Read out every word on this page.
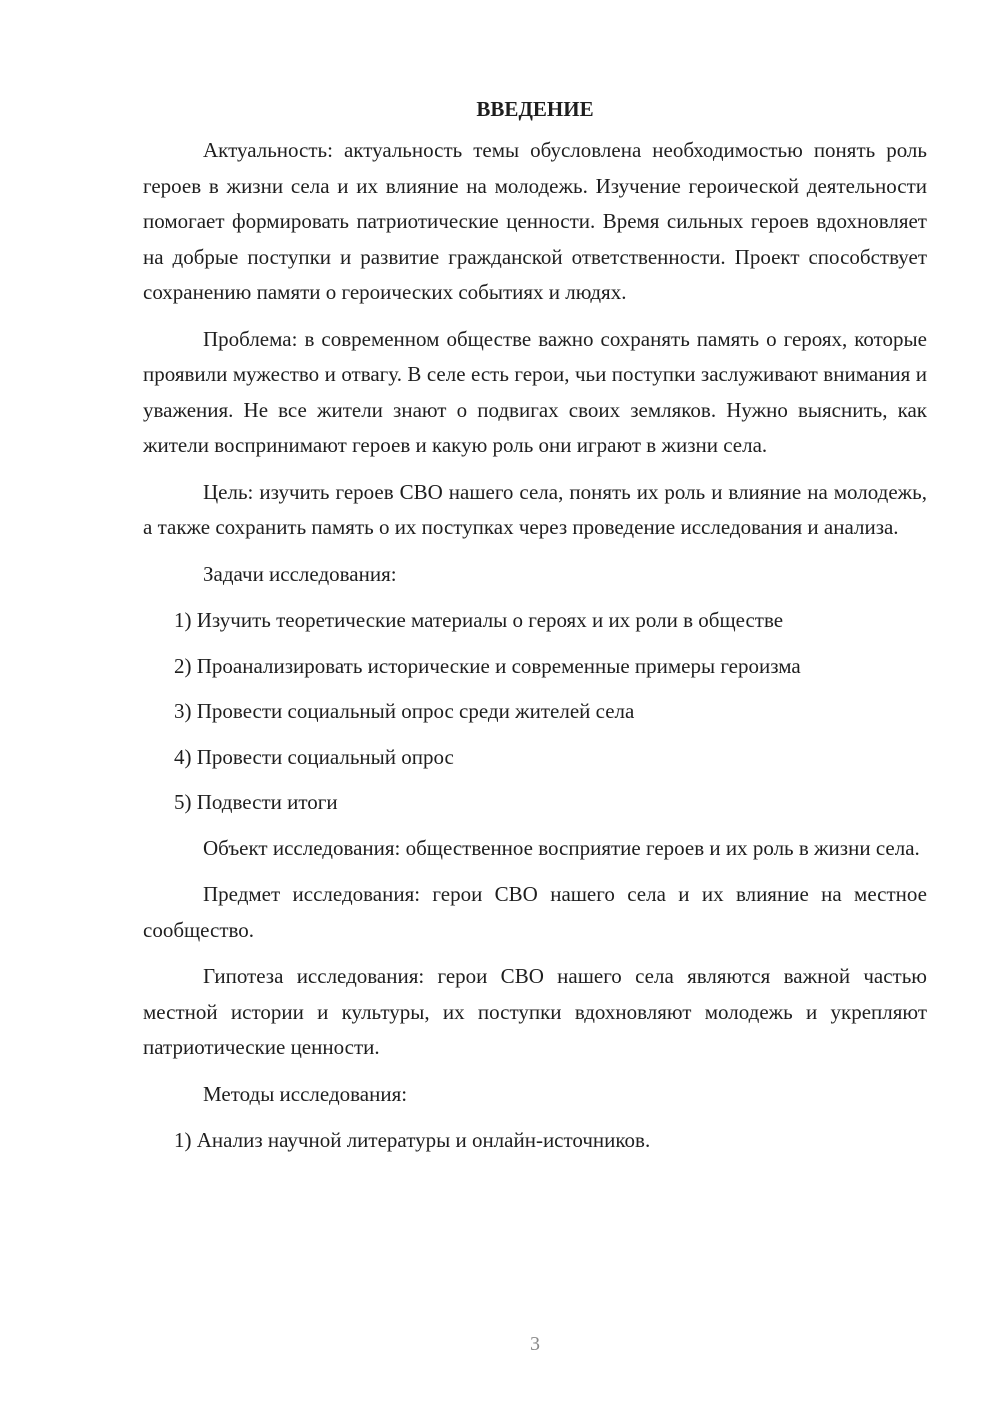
ВВЕДЕНИЕ

Актуальность: актуальность темы обусловлена необходимостью понять роль героев в жизни села и их влияние на молодежь. Изучение героической деятельности помогает формировать патриотические ценности. Время сильных героев вдохновляет на добрые поступки и развитие гражданской ответственности. Проект способствует сохранению памяти о героических событиях и людях.

Проблема: в современном обществе важно сохранять память о героях, которые проявили мужество и отвагу. В селе есть герои, чьи поступки заслуживают внимания и уважения. Не все жители знают о подвигах своих земляков. Нужно выяснить, как жители воспринимают героев и какую роль они играют в жизни села.

Цель: изучить героев СВО нашего села, понять их роль и влияние на молодежь, а также сохранить память о их поступках через проведение исследования и анализа.

Задачи исследования:

1) Изучить теоретические материалы о героях и их роли в обществе

2) Проанализировать исторические и современные примеры героизма

3) Провести социальный опрос среди жителей села

4) Провести социальный опрос

5) Подвести итоги

Объект исследования: общественное восприятие героев и их роль в жизни села.

Предмет исследования: герои СВО нашего села и их влияние на местное сообщество.

Гипотеза исследования: герои СВО нашего села являются важной частью местной истории и культуры, их поступки вдохновляют молодежь и укрепляют патриотические ценности.

Методы исследования:

1) Анализ научной литературы и онлайн-источников.

3
